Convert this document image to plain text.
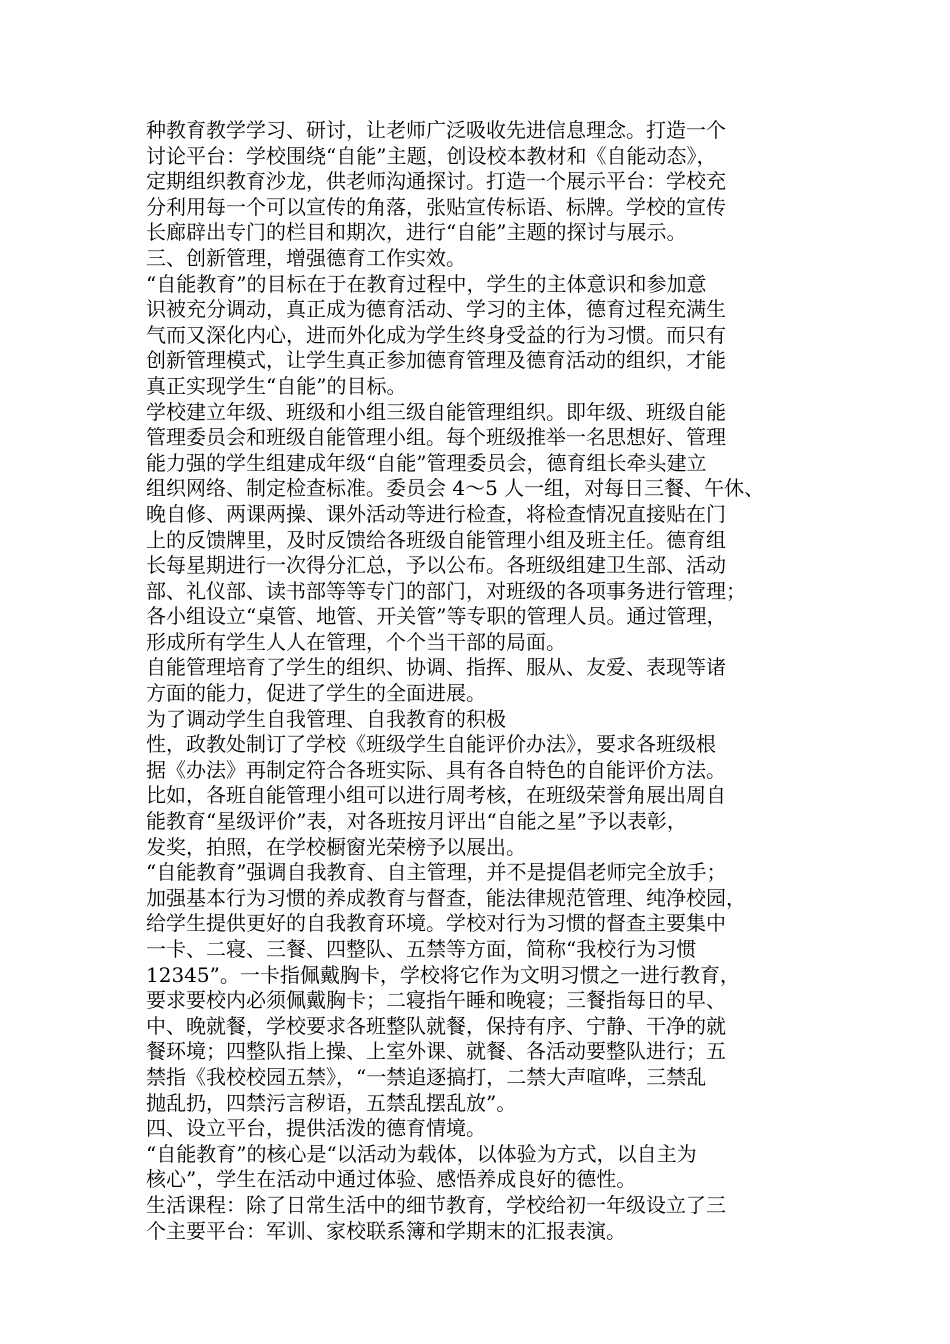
种教育教学学习、研讨，让老师广泛吸收先进信息理念。打造一个
讨论平台：学校围绕“自能”主题，创设校本教材和《自能动态》，
定期组织教育沙龙，供老师沟通探讨。打造一个展示平台：学校充
分利用每一个可以宣传的角落，张贴宣传标语、标牌。学校的宣传
长廊辟出专门的栏目和期次，进行“自能”主题的探讨与展示。
三、创新管理，增强德育工作实效。
“自能教育”的目标在于在教育过程中，学生的主体意识和参加意
识被充分调动，真正成为德育活动、学习的主体，德育过程充满生
气而又深化内心，进而外化成为学生终身受益的行为习惯。而只有
创新管理模式，让学生真正参加德育管理及德育活动的组织，才能
真正实现学生“自能”的目标。
学校建立年级、班级和小组三级自能管理组织。即年级、班级自能
管理委员会和班级自能管理小组。每个班级推举一名思想好、管理
能力强的学生组建成年级“自能”管理委员会，德育组长牵头建立
组织网络、制定检查标准。委员会 4～5 人一组，对每日三餐、午休、
晚自修、两课两操、课外活动等进行检查，将检查情况直接贴在门
上的反馈牌里，及时反馈给各班级自能管理小组及班主任。德育组
长每星期进行一次得分汇总，予以公布。各班级组建卫生部、活动
部、礼仪部、读书部等等专门的部门，对班级的各项事务进行管理；
各小组设立“桌管、地管、开关管”等专职的管理人员。通过管理，
形成所有学生人人在管理，个个当干部的局面。
自能管理培育了学生的组织、协调、指挥、服从、友爱、表现等诸
方面的能力，促进了学生的全面进展。
为了调动学生自我管理、自我教育的积极
性，政教处制订了学校《班级学生自能评价办法》，要求各班级根
据《办法》再制定符合各班实际、具有各自特色的自能评价方法。
比如，各班自能管理小组可以进行周考核，在班级荣誉角展出周自
能教育“星级评价”表，对各班按月评出“自能之星”予以表彰，
发奖，拍照，在学校橱窗光荣榜予以展出。
“自能教育”强调自我教育、自主管理，并不是提倡老师完全放手；
加强基本行为习惯的养成教育与督查，能法律规范管理、纯净校园，
给学生提供更好的自我教育环境。学校对行为习惯的督查主要集中
一卡、二寝、三餐、四整队、五禁等方面，简称“我校行为习惯
12345”。一卡指佩戴胸卡，学校将它作为文明习惯之一进行教育，
要求要校内必须佩戴胸卡；二寝指午睡和晚寝；三餐指每日的早、
中、晚就餐，学校要求各班整队就餐，保持有序、宁静、干净的就
餐环境；四整队指上操、上室外课、就餐、各活动要整队进行；五
禁指《我校校园五禁》，“一禁追逐搞打，二禁大声喧哗，三禁乱
抛乱扔，四禁污言秽语，五禁乱摆乱放”。
四、设立平台，提供活泼的德育情境。
“自能教育”的核心是“以活动为载体，以体验为方式，以自主为
核心”，学生在活动中通过体验、感悟养成良好的德性。
生活课程：除了日常生活中的细节教育，学校给初一年级设立了三
个主要平台：军训、家校联系簿和学期末的汇报表演。
